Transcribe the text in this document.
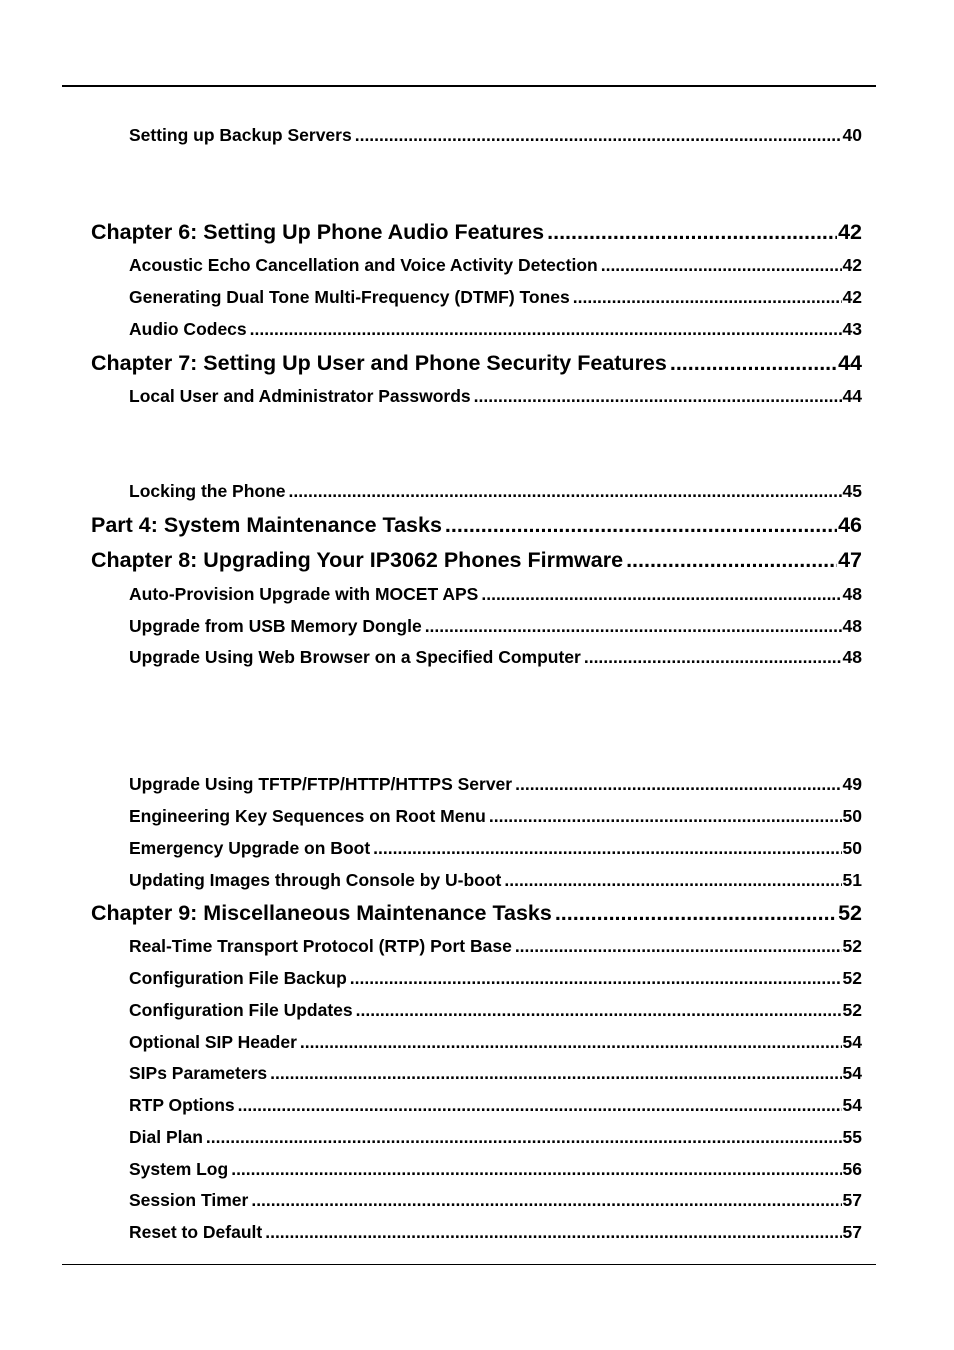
Setting up Backup Servers .....	40
Chapter 6: Setting Up Phone Audio Features .....	42
Acoustic Echo Cancellation and Voice Activity Detection .....	42
Generating Dual Tone Multi-Frequency (DTMF) Tones .....	42
Audio Codecs .....	43
Chapter 7: Setting Up User and Phone Security Features .....	44
Local User and Administrator Passwords .....	44
Locking the Phone .....	45
Part 4: System Maintenance Tasks .....	46
Chapter 8: Upgrading Your IP3062 Phones Firmware .....	47
Auto-Provision Upgrade with MOCET APS .....	48
Upgrade from USB Memory Dongle .....	48
Upgrade Using Web Browser on a Specified Computer .....	48
Upgrade Using TFTP/FTP/HTTP/HTTPS Server .....	49
Engineering Key Sequences on Root Menu .....	50
Emergency Upgrade on Boot .....	50
Updating Images through Console by U-boot .....	51
Chapter 9: Miscellaneous Maintenance Tasks .....	52
Real-Time Transport Protocol (RTP) Port Base .....	52
Configuration File Backup .....	52
Configuration File Updates .....	52
Optional SIP Header .....	54
SIPs Parameters .....	54
RTP Options .....	54
Dial Plan .....	55
System Log .....	56
Session Timer .....	57
Reset to Default .....	57
